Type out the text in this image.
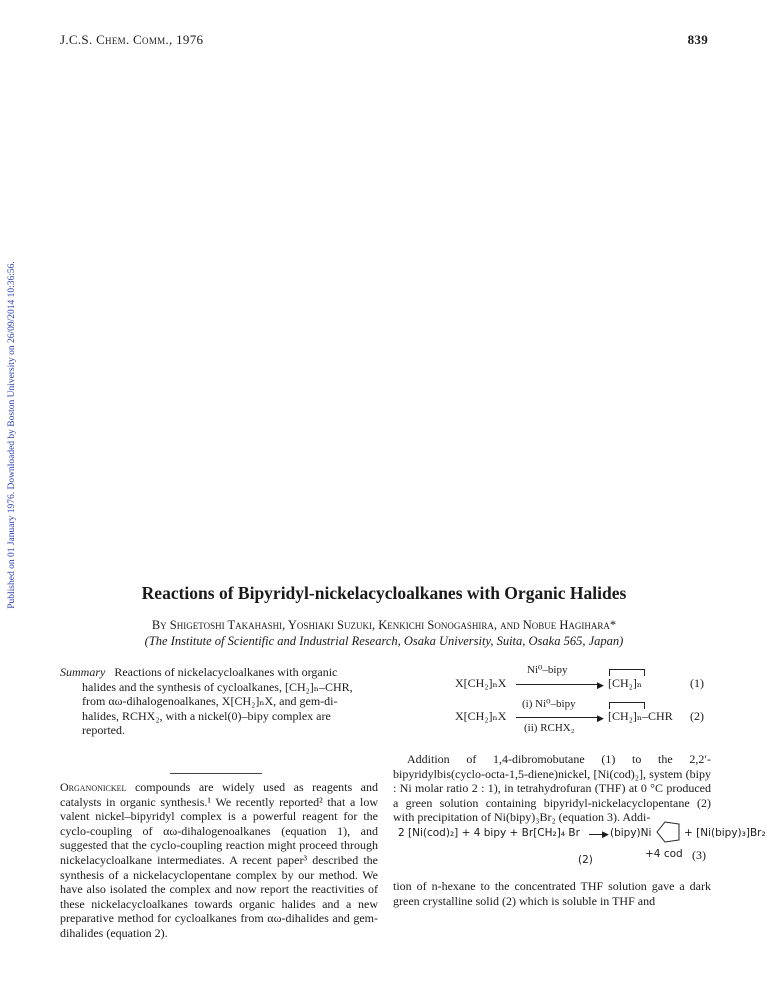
J.C.S. Chem. Comm., 1976	839
Published on 01 January 1976. Downloaded by Boston University on 26/09/2014 10:36:56.	Reactions of Bipyridyl-nickelacycloalkanes with Organic Halides
By Shigetoshi Takahashi, Yoshiaki Suzuki, Kenkichi Sonogashira, and Nobue Hagihara*
(The Institute of Scientific and Industrial Research, Osaka University, Suita, Osaka 565, Japan)
Summary Reactions of nickelacycloalkanes with organic
halides and the synthesis of cycloalkanes, [CH₂]ₙ–CHR,
from αω-dihalogenoalkanes, X[CH₂]ₙX, and gem-di-
halides, RCHX₂, with a nickel(0)–bipy complex are
reported.
Organonickel compounds are widely used as reagents and catalysts in organic synthesis.¹ We recently reported² that a low valent nickel–bipyridyl complex is a powerful reagent for the cyclo-coupling of αω-dihalogenoalkanes (equation 1), and suggested that the cyclo-coupling reaction might proceed through nickelacycloalkane intermediates. A recent paper³ described the synthesis of a nickelacyclopentane complex by our method. We have also isolated the complex and now report the reactivities of these nickelacycloalkanes towards organic halides and a new preparative method for cycloalkanes from αω-dihalides and gem-dihalides (equation 2).
Ni⁰–bipy
X[CH₂]ₙX	▶ [CH₂]ₙ	(1)
(i) Ni⁰–bipy
X[CH₂]ₙX	▶ [CH₂]ₙ–CHR
(ii) RCHX₂
(2)
Addition of 1,4-dibromobutane (1) to the 2,2′-bipyridylbis(cyclo-octa-1,5-diene)nickel, [Ni(cod)₂], system (bipy : Ni molar ratio 2 : 1), in tetrahydrofuran (THF) at 0 °C produced a green solution containing bipyridyl-nickelacyclopentane (2) with precipitation of Ni(bipy)₃Br₂ (equation 3). Addi-
2 [Ni(cod)₂] + 4 bipy + Br[CH₂]₄ Br ▶ (bipy)Ni	+ [Ni(bipy)₃]Br₂
+4 cod (3)
(2)
tion of n-hexane to the concentrated THF solution gave a dark green crystalline solid (2) which is soluble in THF and
